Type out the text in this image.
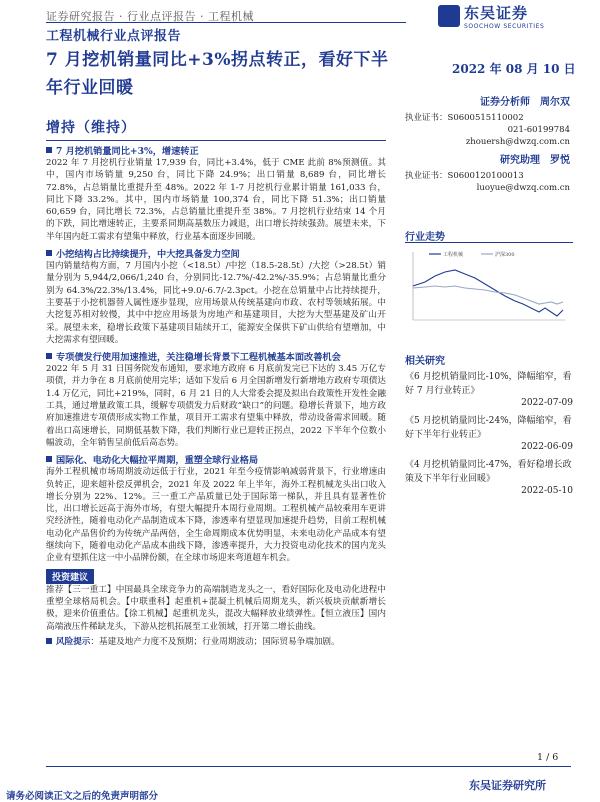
证券研究报告 · 行业点评报告 · 工程机械	东吴证券
SOOCHOW SECURITIES
工程机械行业点评报告
7 月挖机销量同比+3%拐点转正，看好下半
年行业回暖
2022 年 08 月 10 日
增持（维持）
证券分析师 周尔双
执业证书：S0600515110002
021-60199784
zhouersh@dwzq.com.cn
研究助理 罗悦
执业证书：S0600120100013
luoyue@dwzq.com.cn
行业走势
工程机械	沪深300
相关研究
《6 月挖机销量同比-10%，降幅缩窄，看好 7 月行业转正》
2022-07-09
《5 月挖机销量同比-24%，降幅缩窄，看好下半年行业转正》
2022-06-09
《4 月挖机销量同比-47%，看好稳增长政策及下半年行业回暖》
2022-05-10
7 月挖机销量同比+3%，增速转正
2022 年 7 月挖机行业销量 17,939 台，同比+3.4%，低于 CME 此前 8%预测值。其中，国内市场销量 9,250 台，同比下降 24.9%；出口销量 8,689 台，同比增长 72.8%，占总销量比重提升至 48%。2022 年 1-7 月挖机行业累计销量 161,033 台，同比下降 33.2%。其中，国内市场销量 100,374 台，同比下降 51.3%；出口销量 60,659 台，同比增长 72.3%，占总销量比重提升至 38%。7 月挖机行业结束 14 个月的下跌，同比增速转正，主要系同期高基数压力减退，出口增长持续强劲。展望未来，下半年国内赶工需求有望集中释放，行业基本面逐步回暖。
小挖结构占比持续提升，中大挖具备发力空间
国内销量结构方面，7 月国内小挖（<18.5t）/中挖（18.5-28.5t）/大挖（>28.5t）销量分别为 5,944/2,066/1,240 台，分别同比-12.7%/-42.2%/-35.9%；占总销量比重分别为 64.3%/22.3%/13.4%，同比+9.0/-6.7/-2.3pct。小挖在总销量中占比持续提升，主要基于小挖机器替人属性逐步显现，应用场景从传统基建向市政、农村等领域拓展。中大挖复苏相对较慢，其中中挖应用场景为房地产和基建项目，大挖为大型基建及矿山开采。展望未来，稳增长政策下基建项目陆续开工，能源安全保供下矿山供给有望增加，中大挖需求有望回暖。
专项债发行使用加速推进，关注稳增长背景下工程机械基本面改善机会
2022 年 5 月 31 日国务院发布通知，要求地方政府 6 月底前发完已下达的 3.45 万亿专项债，并力争在 8 月底前使用完毕；适如下发后 6 月全国新增发行新增地方政府专项债达 1.4 万亿元，同比+219%，同时，6 月 21 日的人大常委会提及拟出台政策性开发性金融工具，通过增量政策工具，缓解专项债发力后财政“缺口”的问题。稳增长背景下，地方政府加速推进专项债形成实物工作量，项目开工需求有望集中释放，带动设备需求回暖。随着出口高速增长，同期低基数下降，我们判断行业已迎转正拐点，2022 下半年个位数小幅波动，全年销售呈前低后高态势。
国际化、电动化大幅拉平周期，重塑全球行业格局
海外工程机械市场周期波动远低于行业，2021 年至今疫情影响减弱背景下，行业增速由负转正，迎来超补偿反弹机会，2021 年及 2022 年上半年，海外工程机械龙头出口收入增长分别为 22%、12%。三一重工产品质量已处于国际第一梯队，并且具有显著性价比，出口增长远高于海外市场，有望大幅提升本周行业周期。工程机械产品较乘用车更讲究经济性，随着电动化产品制造成本下降，渗透率有望显现加速提升趋势，目前工程机械电动化产品售价约为传统产品两倍，全生命周期成本优势明显，未来电动化产品成本有望继续向下，随着电动化产品成本曲线下降，渗透率提升，大力投资电动化技术的国内龙头企业有望抓住这一中小品牌份额，在全球市场迎来弯道超车机会。
投资建议
推荐【三一重工】中国最具全球竞争力的高端制造龙头之一，看好国际化及电动化进程中重塑全球格局机会。【中联重科】起重机+混凝土机械后周期龙头，新兴板块贡献新增长极，迎来价值重估。【徐工机械】起重机龙头，混改大幅释放业绩弹性。【恒立液压】国内高端液压件稀缺龙头，下游从挖机拓展至工业领域，打开第二增长曲线。
风险提示：基建及地产力度不及预期；行业周期波动；国际贸易争端加剧。
1 / 6
东吴证券研究所
请务必阅读正文之后的免责声明部分
